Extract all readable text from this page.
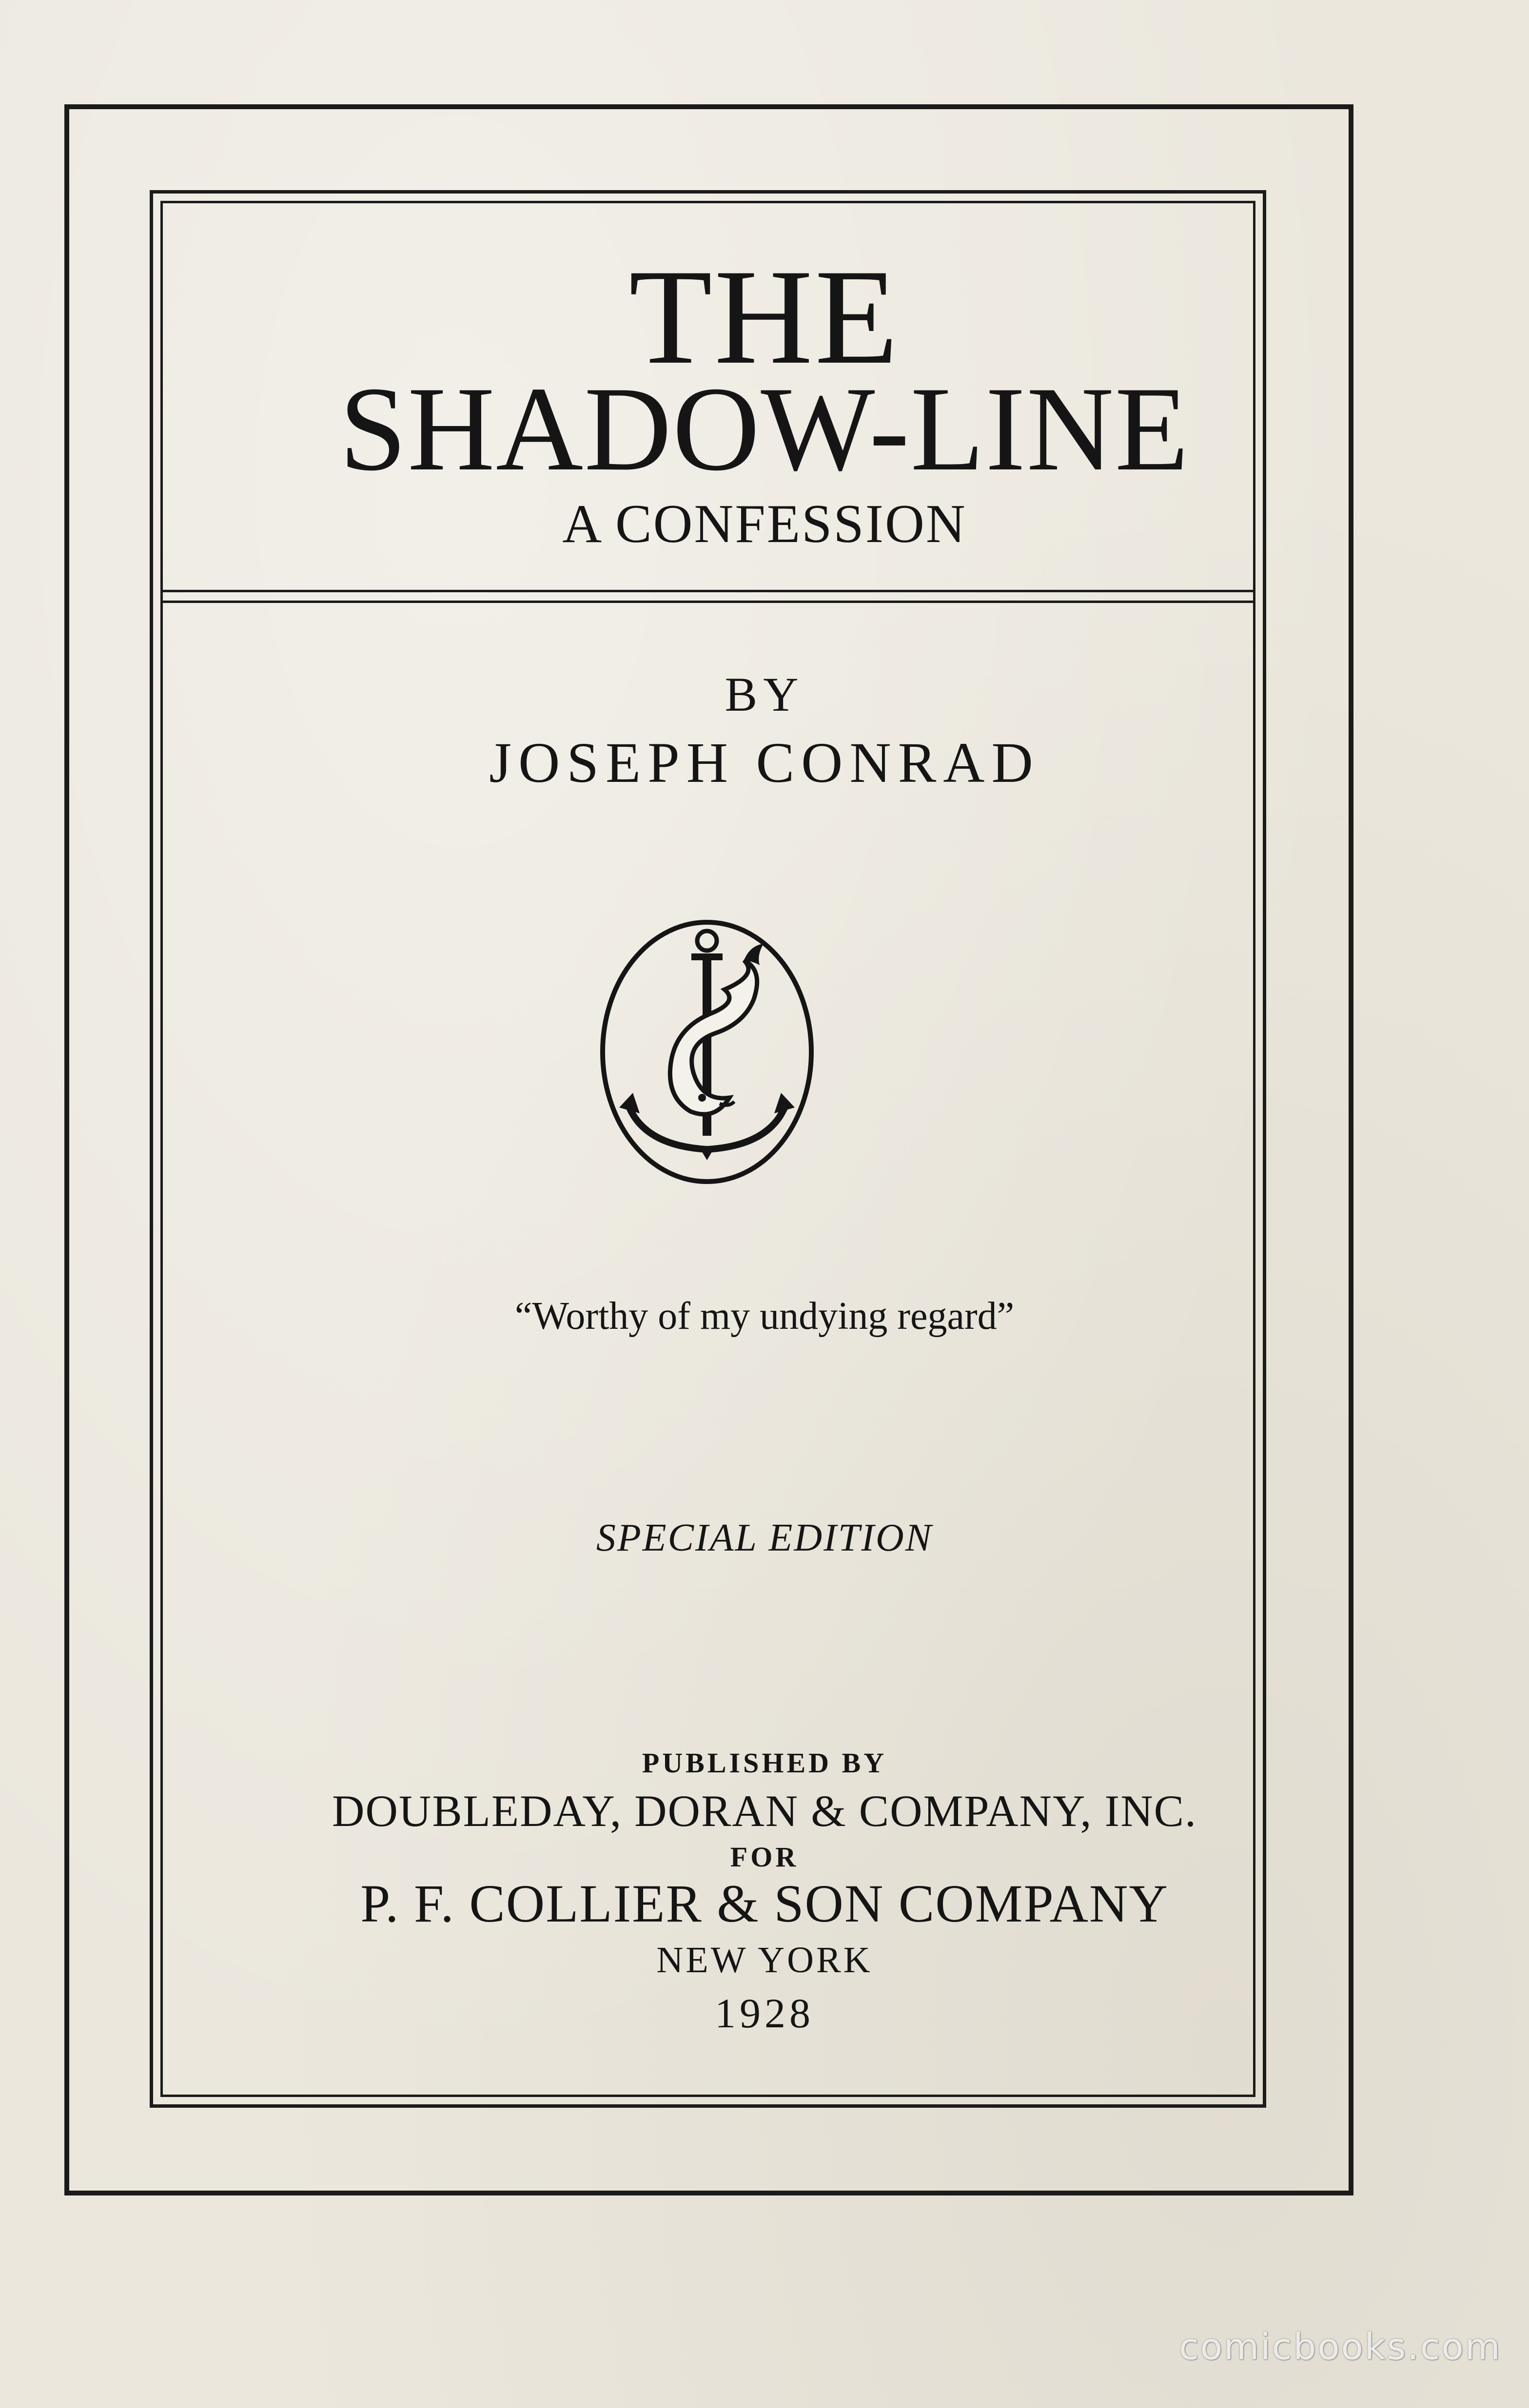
THE
SHADOW-LINE
A CONFESSION
BY
JOSEPH CONRAD
“Worthy of my undying regard”
SPECIAL EDITION
PUBLISHED BY
DOUBLEDAY, DORAN & COMPANY, INC.
FOR
P. F. COLLIER & SON COMPANY
NEW YORK
1928
comicbooks.com
